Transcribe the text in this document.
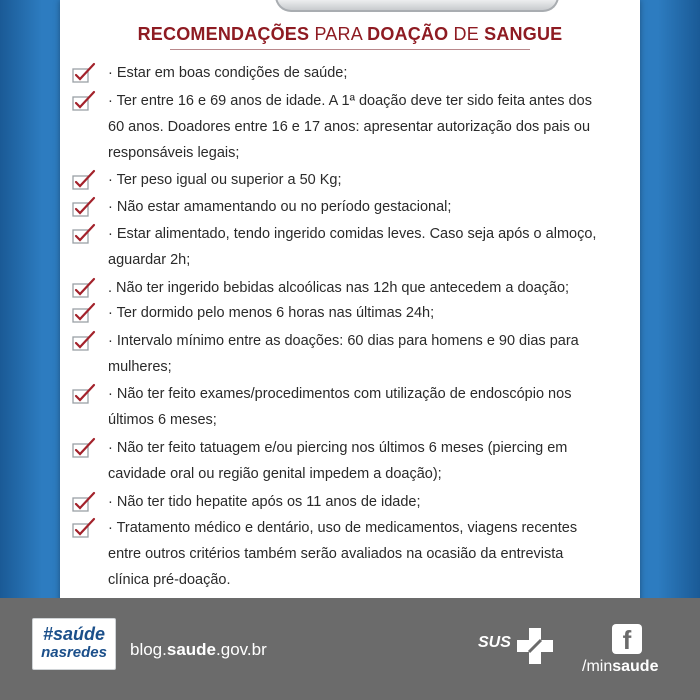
RECOMENDAÇÕES PARA DOAÇÃO DE SANGUE
· Estar em boas condições de saúde;
· Ter entre 16 e 69 anos de idade. A 1ª doação deve ter sido feita antes dos
60 anos. Doadores entre 16 e 17 anos: apresentar autorização dos pais ou
responsáveis legais;
· Ter peso igual ou superior a 50 Kg;
· Não estar amamentando ou no período gestacional;
· Estar alimentado, tendo ingerido comidas leves. Caso seja após o almoço,
aguardar 2h;
. Não ter ingerido bebidas alcoólicas nas 12h que antecedem a doação;
· Ter dormido pelo menos 6 horas nas últimas 24h;
· Intervalo mínimo entre as doações: 60 dias para homens e 90 dias para
mulheres;
· Não ter feito exames/procedimentos com utilização de endoscópio nos
últimos 6 meses;
· Não ter feito tatuagem e/ou piercing nos últimos 6 meses (piercing em
cavidade oral ou região genital impedem a doação);
· Não ter tido hepatite após os 11 anos de idade;
· Tratamento médico e dentário, uso de medicamentos, viagens recentes
entre outros critérios também serão avaliados na ocasião da entrevista
clínica pré-doação.
#saúde
nasredes	blog.saude.gov.br	SUS	f
/minsaude
